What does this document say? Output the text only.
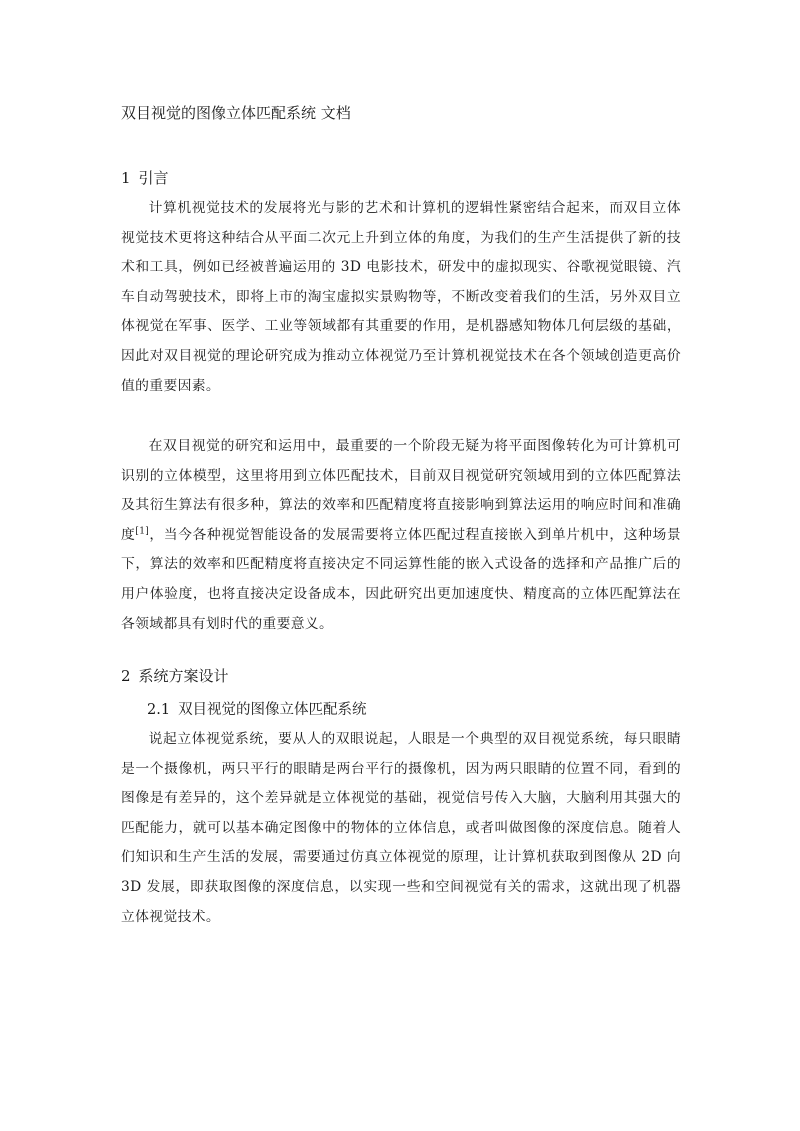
双目视觉的图像立体匹配系统 文档
1 引言

计算机视觉技术的发展将光与影的艺术和计算机的逻辑性紧密结合起来，而双目立体视觉技术更将这种结合从平面二次元上升到立体的角度，为我们的生产生活提供了新的技术和工具，例如已经被普遍运用的 3D 电影技术，研发中的虚拟现实、谷歌视觉眼镜、汽车自动驾驶技术，即将上市的淘宝虚拟实景购物等，不断改变着我们的生活，另外双目立体视觉在军事、医学、工业等领域都有其重要的作用，是机器感知物体几何层级的基础，因此对双目视觉的理论研究成为推动立体视觉乃至计算机视觉技术在各个领域创造更高价值的重要因素。

在双目视觉的研究和运用中，最重要的一个阶段无疑为将平面图像转化为可计算机可识别的立体模型，这里将用到立体匹配技术，目前双目视觉研究领域用到的立体匹配算法及其衍生算法有很多种，算法的效率和匹配精度将直接影响到算法运用的响应时间和准确度[1]，当今各种视觉智能设备的发展需要将立体匹配过程直接嵌入到单片机中，这种场景下，算法的效率和匹配精度将直接决定不同运算性能的嵌入式设备的选择和产品推广后的用户体验度，也将直接决定设备成本，因此研究出更加速度快、精度高的立体匹配算法在各领域都具有划时代的重要意义。

2 系统方案设计
2.1 双目视觉的图像立体匹配系统

说起立体视觉系统，要从人的双眼说起，人眼是一个典型的双目视觉系统，每只眼睛是一个摄像机，两只平行的眼睛是两台平行的摄像机，因为两只眼睛的位置不同，看到的图像是有差异的，这个差异就是立体视觉的基础，视觉信号传入大脑，大脑利用其强大的匹配能力，就可以基本确定图像中的物体的立体信息，或者叫做图像的深度信息。随着人们知识和生产生活的发展，需要通过仿真立体视觉的原理，让计算机获取到图像从 2D 向 3D 发展，即获取图像的深度信息，以实现一些和空间视觉有关的需求，这就出现了机器立体视觉技术。
